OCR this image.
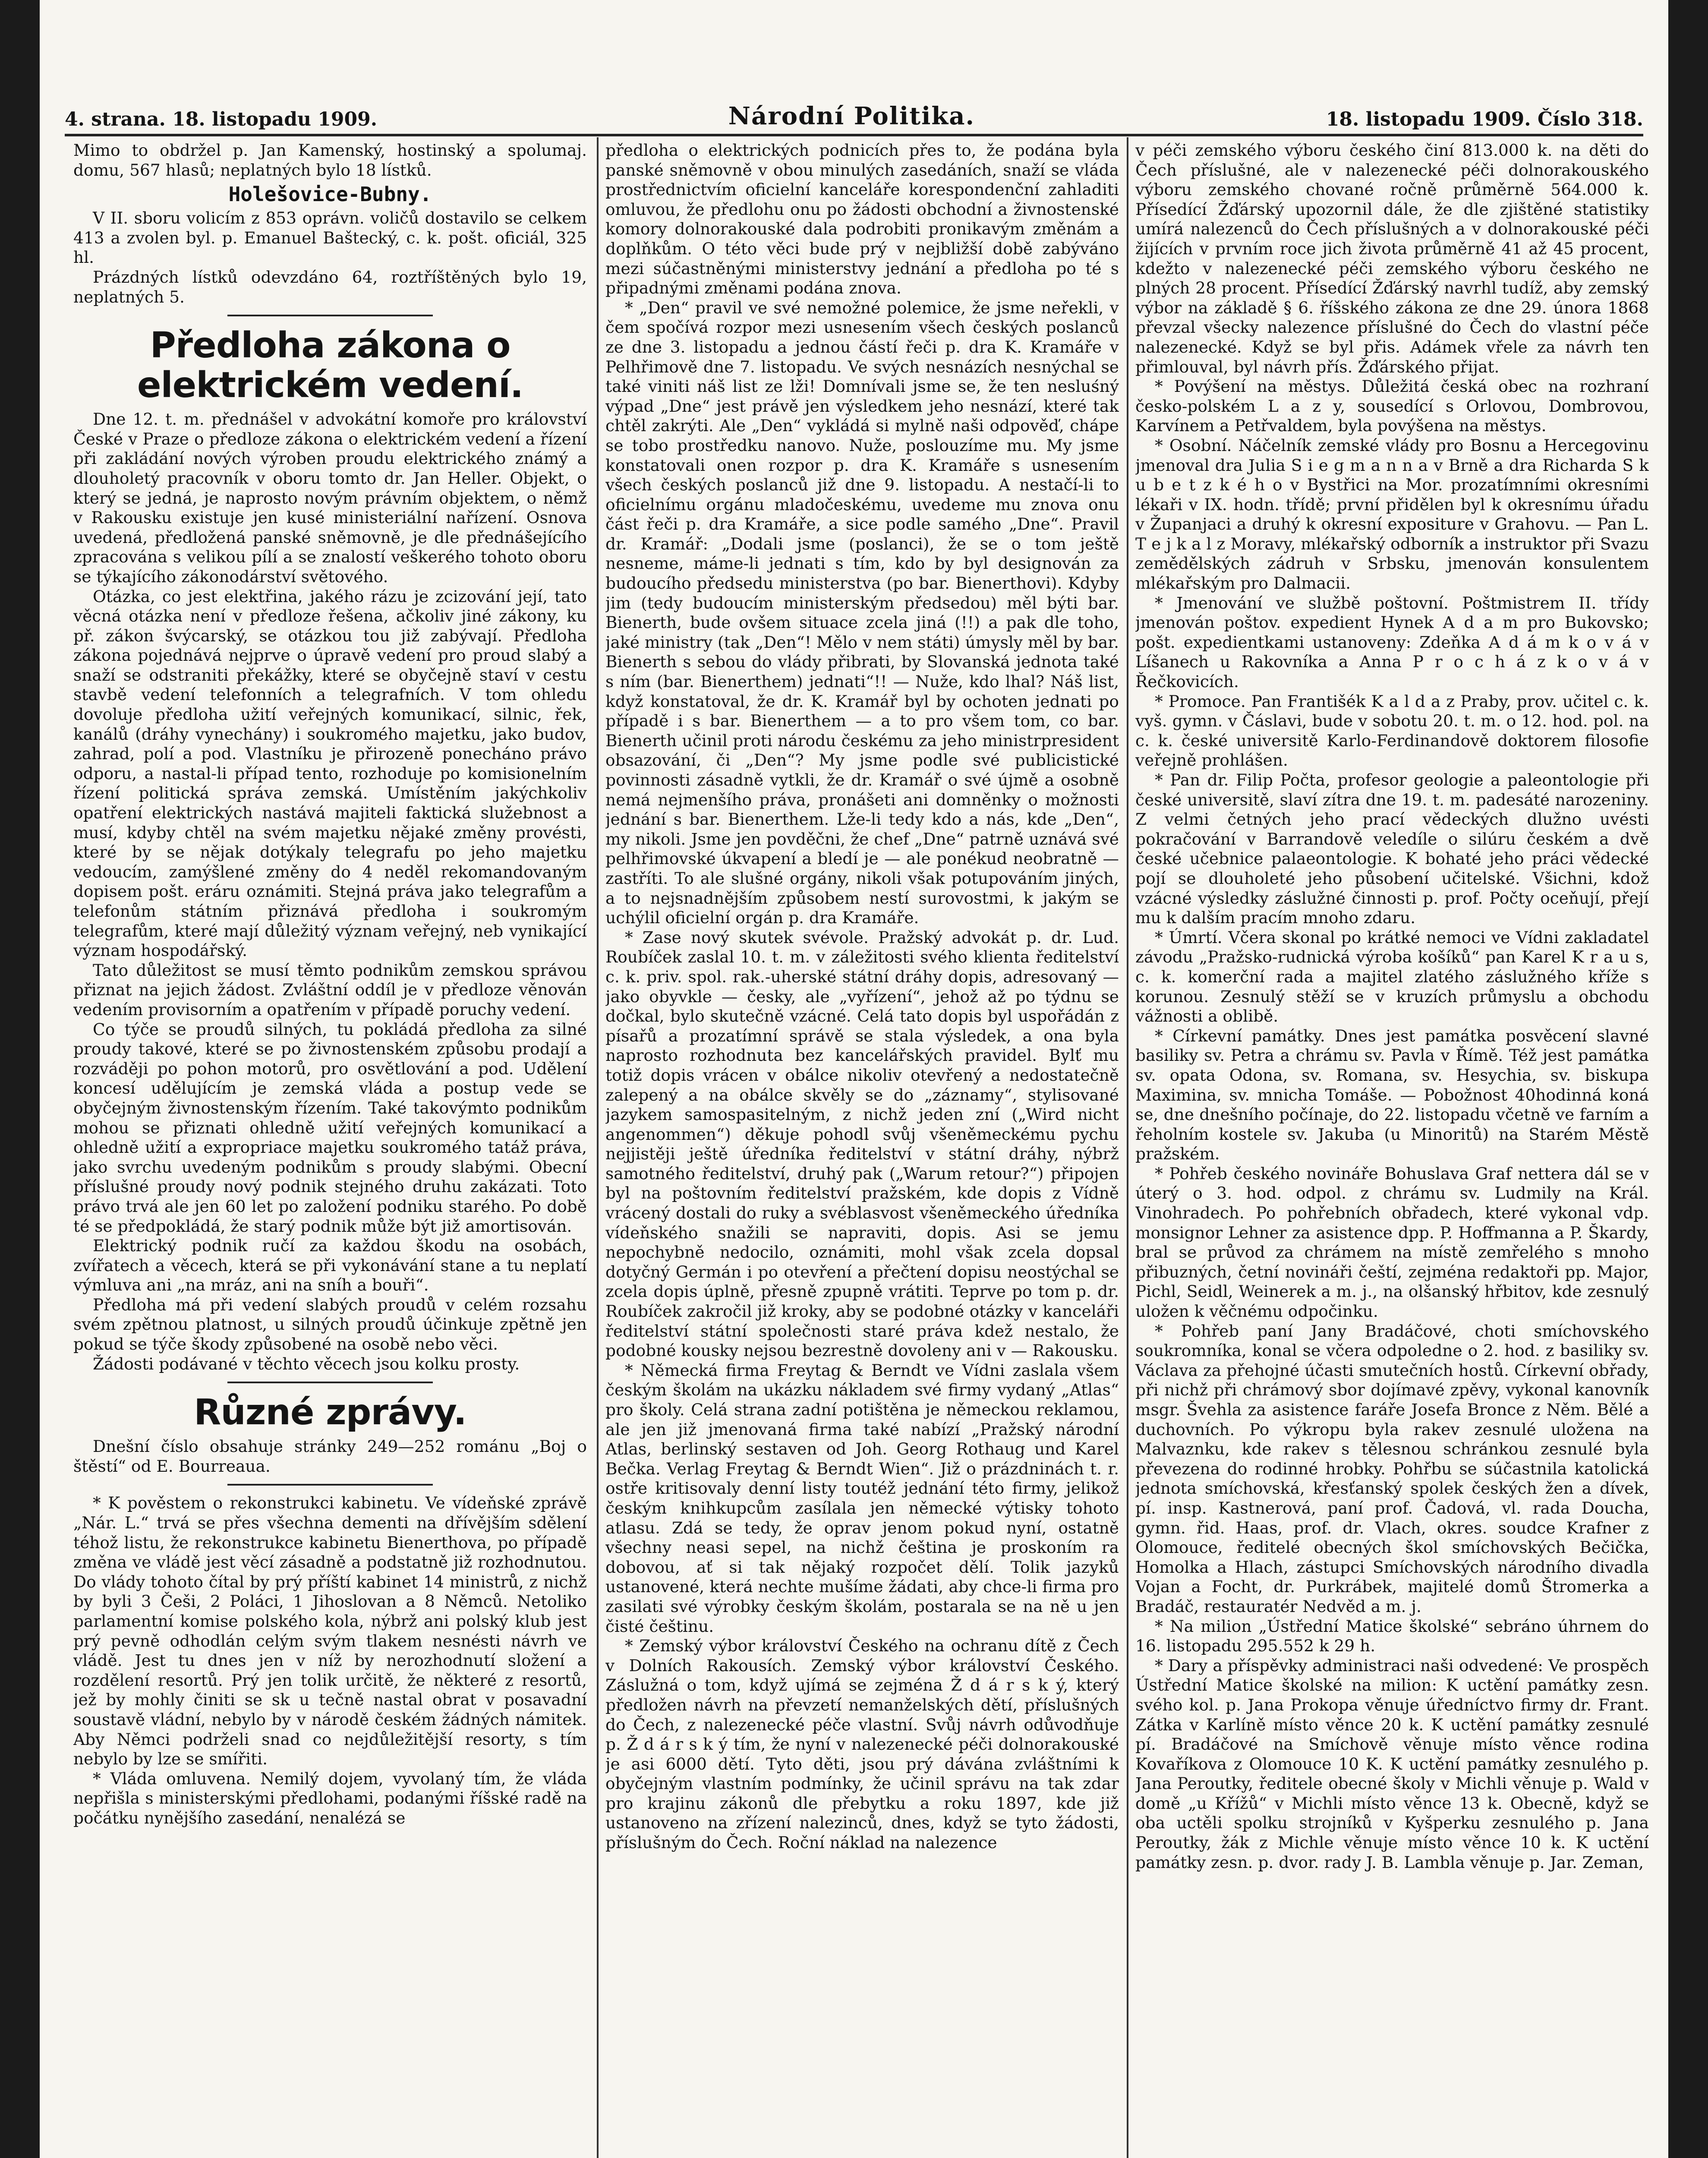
4. strana. 18. listopadu 1909.	Národní Politika.	18. listopadu 1909. Číslo 318.

Mimo to obdržel p. Jan Kamenský, hostinský a spolumaj. domu, 567 hlasů; neplatných bylo 18 lístků.

Holešovice-Bubny.

V II. sboru volicím z 853 oprávn. voličů dostavilo se celkem 413 a zvolen byl. p. Emanuel Baštecký, c. k. pošt. oficiál, 325 hl.

Prázdných lístků odevzdáno 64, roztříštěných bylo 19, neplatných 5.

Předloha zákona o elektrickém vedení.

Dne 12. t. m. přednášel v advokátní komoře pro království České v Praze o předloze zákona o elektrickém vedení a řízení při zakládání nových výroben proudu elektrického známý a dlouholetý pracovník v oboru tomto dr. Jan Heller. Objekt, o který se jedná, je naprosto novým právním objektem, o němž v Rakousku existuje jen kusé ministeriální nařízení. Osnova uvedená, předložená panské sněmovně, je dle přednášejícího zpracována s velikou pílí a se znalostí veškerého tohoto oboru se týkajícího zákonodárství světového.

Otázka, co jest elektřina, jakého rázu je zcizování její, tato věcná otázka není v předloze řešena, ačkoliv jiné zákony, ku př. zákon švýcarský, se otázkou tou již zabývají. Předloha zákona pojednává nejprve o úpravě vedení pro proud slabý a snaží se odstraniti překážky, které se obyčejně staví v cestu stavbě vedení telefonních a telegrafních. V tom ohledu dovoluje předloha užití veřejných komunikací, silnic, řek, kanálů (dráhy vynechány) i soukromého majetku, jako budov, zahrad, polí a pod. Vlastníku je přirozeně ponecháno právo odporu, a nastal-li případ tento, rozhoduje po komisionelním řízení politická správa zemská. Umístěním jakýchkoliv opatření elektrických nastává majiteli faktická služebnost a musí, kdyby chtěl na svém majetku nějaké změny provésti, které by se nějak dotýkaly telegrafu po jeho majetku vedoucím, zamýšlené změny do 4 neděl rekomandovaným dopisem pošt. eráru oznámiti. Stejná práva jako telegrafům a telefonům státním přiznává předloha i soukromým telegrafům, které mají důležitý význam veřejný, neb vynikající význam hospodářský.

Tato důležitost se musí těmto podnikům zemskou správou přiznat na jejich žádost. Zvláštní oddíl je v předloze věnován vedením provisorním a opatřením v případě poruchy vedení.

Co týče se proudů silných, tu pokládá předloha za silné proudy takové, které se po živnostenském způsobu prodají a rozváději po pohon motorů, pro osvětlování a pod. Udělení koncesí udělujícím je zemská vláda a postup vede se obyčejným živnostenským řízením. Také takovýmto podnikům mohou se přiznati ohledně užití veřejných komunikací a ohledně užití a expropriace majetku soukromého tatáž práva, jako svrchu uvedeným podnikům s proudy slabými. Obecní příslušné proudy nový podnik stejného druhu zakázati. Toto právo trvá ale jen 60 let po založení podniku starého. Po době té se předpokládá, že starý podnik může být již amortisován.

Elektrický podnik ručí za každou škodu na osobách, zvířatech a věcech, která se při vykonávání stane a tu neplatí výmluva ani „na mráz, ani na sníh a bouři“.

Předloha má při vedení slabých proudů v celém rozsahu svém zpětnou platnost, u silných proudů účinkuje zpětně jen pokud se týče škody způsobené na osobě nebo věci.

Žádosti podávané v těchto věcech jsou kolku prosty.

Různé zprávy.

Dnešní číslo obsahuje stránky 249—252 románu „Boj o štěstí“ od E. Bourreaua.

* K pověstem o rekonstrukci kabinetu. Ve vídeňské zprávě „Nár. L.“ trvá se přes všechna dementi na dřívějším sdělení téhož listu, že rekonstrukce kabinetu Bienerthova, po případě změna ve vládě jest věcí zásadně a podstatně již rozhodnutou. Do vlády tohoto čítal by prý příští kabinet 14 ministrů, z nichž by byli 3 Češi, 2 Poláci, 1 Jihoslovan a 8 Němců. Netoliko parlamentní komise polského kola, nýbrž ani polský klub jest prý pevně odhodlán celým svým tlakem nesnésti návrh ve vládě. Jest tu dnes jen v níž by nerozhodnutí složení a rozdělení resortů. Prý jen tolik určitě, že některé z resortů, jež by mohly činiti se sk u tečně nastal obrat v posavadní soustavě vládní, nebylo by v národě českém žádných námitek. Aby Němci podrželi snad co nejdůležitější resorty, s tím nebylo by lze se smířiti.

* Vláda omluvena. Nemilý dojem, vyvolaný tím, že vláda nepřišla s ministerskými předlohami, podanými říšské radě na počátku nynějšího zasedání, nenalézá se

předloha o elektrických podnicích přes to, že podána byla panské sněmovně v obou minulých zasedáních, snaží se vláda prostřednictvím oficielní kanceláře korespondenční zahladiti omluvou, že předlohu onu po žádosti obchodní a živnostenské komory dolnorakouské dala podrobiti pronikavým změnám a doplňkům. O této věci bude prý v nejbližší době zabýváno mezi súčastněnými ministerstvy jednání a předloha po té s připadnými změnami podána znova.

* „Den“ pravil ve své nemožné polemice, že jsme neřekli, v čem spočívá rozpor mezi usnesením všech českých poslanců ze dne 3. listopadu a jednou částí řeči p. dra K. Kramáře v Pelhřimově dne 7. listopadu. Ve svých nesnázích nesnýchal se také viniti náš list ze lži! Domnívali jsme se, že ten nesluśný výpad „Dne“ jest právě jen výsledkem jeho nesnází, které tak chtěl zakrýti. Ale „Den“ vykládá si mylně naši odpověď, chápe se tobo prostředku nanovo. Nuže, poslouzíme mu. My jsme konstatovali onen rozpor p. dra K. Kramáře s usnesením všech českých poslanců již dne 9. listopadu. A nestačí-li to oficielnímu orgánu mladočeskému, uvedeme mu znova onu část řeči p. dra Kramáře, a sice podle samého „Dne“. Pravil dr. Kramář: „Dodali jsme (poslanci), že se o tom ještě nesneme, máme-li jednati s tím, kdo by byl designován za budoucího předsedu ministerstva (po bar. Bienerthovi). Kdyby jim (tedy budoucím ministerským předsedou) měl býti bar. Bienerth, bude ovšem situace zcela jiná (!!) a pak dle toho, jaké ministry (tak „Den“! Mělo v nem státi) úmysly měl by bar. Bienerth s sebou do vlády přibrati, by Slovanská jednota také s ním (bar. Bienerthem) jednati“!! — Nuže, kdo lhal? Náš list, když konstatoval, že dr. K. Kramář byl by ochoten jednati po případě i s bar. Bienerthem — a to pro všem tom, co bar. Bienerth učinil proti národu českému za jeho ministrpresident obsazování, či „Den“? My jsme podle své publicistické povinnosti zásadně vytkli, že dr. Kramář o své újmě a osobně nemá nejmenšího práva, pronášeti ani domněnky o možnosti jednání s bar. Bienerthem. Lže-li tedy kdo a nás, kde „Den“, my nikoli. Jsme jen povděčni, že chef „Dne“ patrně uznává své pelhřimovské úkvapení a bledí je — ale ponékud neobratně — zastříti. To ale slušné orgány, nikoli však potupováním jiných, a to nejsnadnějším způsobem nestí surovostmi, k jakým se uchýlil oficielní orgán p. dra Kramáře.

* Zase nový skutek svévole. Pražský advokát p. dr. Lud. Roubíček zaslal 10. t. m. v záležitosti svého klienta ředitelství c. k. priv. spol. rak.-uherské státní dráhy dopis, adresovaný — jako obyvkle — česky, ale „vyřízení“, jehož až po týdnu se dočkal, bylo skutečně vzácné. Celá tato dopis byl uspořádán z písařů a prozatímní správě se stala výsledek, a ona byla naprosto rozhodnuta bez kancelářských pravidel. Bylť mu totiž dopis vrácen v obálce nikoliv otevřený a nedostatečně zalepený a na obálce skvěly se do „záznamy“, stylisované jazykem samospasitelným, z nichž jeden zní („Wird nicht angenommen“) děkuje pohodl svůj všeněmeckému pychu nejjistěji ještě úředníka ředitelství v státní dráhy, nýbrž samotného ředitelství, druhý pak („Warum retour?“) připojen byl na poštovním ředitelství pražském, kde dopis z Vídně vrácený dostali do ruky a svéblasvost všeněmeckého úředníka vídeňského snažili se napraviti, dopis. Asi se jemu nepochybně nedocilo, oznámiti, mohl však zcela dopsal dotyčný Germán i po otevření a přečtení dopisu neostýchal se zcela dopis úplně, přesně zpupně vrátiti. Teprve po tom p. dr. Roubíček zakročil již kroky, aby se podobné otázky v kanceláři ředitelství státní společnosti staré práva kdež nestalo, že podobné kousky nejsou bezrestně dovoleny ani v — Rakousku.

* Německá firma Freytag & Berndt ve Vídni zaslala všem českým školám na ukázku nákladem své firmy vydaný „Atlas“ pro školy. Celá strana zadní potištěna je německou reklamou, ale jen již jmenovaná firma také nabízí „Pražský národní Atlas, berlinský sestaven od Joh. Georg Rothaug und Karel Bečka. Verlag Freytag & Berndt Wien“. Již o prázdninách t. r. ostře kritisovaly denní listy toutéž jednání této firmy, jelikož českým knihkupcům zasílala jen německé výtisky tohoto atlasu. Zdá se tedy, že oprav jenom pokud nyní, ostatně všechny neasi sepel, na nichž čeština je proskoním ra dobovou, ať si tak nějaký rozpočet dělí. Tolik jazyků ustanovené, která nechte mušíme žádati, aby chce-li firma pro zasilati své výrobky českým školám, postarala se na ně u jen čisté češtinu.

* Zemský výbor království Českého na ochranu dítě z Čech v Dolních Rakousích. Zemský výbor království Českého. Záslužná o tom, když ujímá se zejména Ž d á r s k ý, který předložen návrh na převzetí nemanželských dětí, příslušných do Čech, z nalezenecké péče vlastní. Svůj návrh odůvodňuje p. Ž d á r s k ý tím, že nyní v nalezenecké péči dolnorakouské je asi 6000 dětí. Tyto děti, jsou prý dávána zvláštními k obyčejným vlastním podmínky, že učinil správu na tak zdar pro krajinu zákonů dle přebytku a roku 1897, kde již ustanoveno na zřízení nalezinců, dnes, když se tyto žádosti, příslušným do Čech. Roční náklad na nalezence

v péči zemského výboru českého činí 813.000 k. na děti do Čech příslušné, ale v nalezenecké péči dolnorakouského výboru zemského chované ročně průměrně 564.000 k. Přísedící Žďárský upozornil dále, že dle zjištěné statistiky umírá nalezenců do Čech příslušných a v dolnorakouské péči žijících v prvním roce jich života průměrně 41 až 45 procent, kdežto v nalezenecké péči zemského výboru českého ne plných 28 procent. Přísedící Žďárský navrhl tudíž, aby zemský výbor na základě § 6. říšského zákona ze dne 29. února 1868 převzal všecky nalezence příslušné do Čech do vlastní péče nalezenecké. Když se byl přis. Adámek vřele za návrh ten přimlouval, byl návrh přís. Žďárského přijat.

* Povýšení na městys. Důležitá česká obec na rozhraní česko-polském L a z y, sousedící s Orlovou, Dombrovou, Karvínem a Petřvaldem, byla povýšena na městys.

* Osobní. Náčelník zemské vlády pro Bosnu a Hercegovinu jmenoval dra Julia S i e g m a n n a v Brně a dra Richarda S k u b e t z k é h o v Bystřici na Mor. prozatímními okresními lékaři v IX. hodn. třídě; první přidělen byl k okresnímu úřadu v Županjaci a druhý k okresní expositure v Grahovu. — Pan L. T e j k a l z Moravy, mlékařský odborník a instruktor při Svazu zemědělských zádruh v Srbsku, jmenován konsulentem mlékařským pro Dalmacii.

* Jmenování ve službě poštovní. Poštmistrem II. třídy jmenován poštov. expedient Hynek A d a m pro Bukovsko; pošt. expedientkami ustanoveny: Zdeňka A d á m k o v á v Líšanech u Rakovníka a Anna P r o c h á z k o v á v Řečkovicích.

* Promoce. Pan Františék K a l d a z Praby, prov. učitel c. k. vyš. gymn. v Čáslavi, bude v sobotu 20. t. m. o 12. hod. pol. na c. k. české universitě Karlo-Ferdinandově doktorem filosofie veřejně prohlášen.

* Pan dr. Filip Počta, profesor geologie a paleontologie při české universitě, slaví zítra dne 19. t. m. padesáté narozeniny. Z velmi četných jeho prací vědeckých dlužno uvésti pokračování v Barrandově veledíle o silúru českém a dvě české učebnice palaeontologie. K bohaté jeho práci vědecké pojí se dlouholeté jeho působení učitelské. Všichni, kdož vzácné výsledky záslužné činnosti p. prof. Počty oceňují, přejí mu k dalším pracím mnoho zdaru.

* Úmrtí. Včera skonal po krátké nemoci ve Vídni zakladatel závodu „Pražsko-rudnická výroba košíků“ pan Karel K r a u s, c. k. komerční rada a majitel zlatého záslužného kříže s korunou. Zesnulý stěží se v kruzích průmyslu a obchodu vážnosti a oblibě.

* Církevní památky. Dnes jest památka posvěcení slavné basiliky sv. Petra a chrámu sv. Pavla v Římě. Též jest památka sv. opata Odona, sv. Romana, sv. Hesychia, sv. biskupa Maximina, sv. mnicha Tomáše. — Pobožnost 40hodinná koná se, dne dnešního počínaje, do 22. listopadu včetně ve farním a řeholním kostele sv. Jakuba (u Minoritů) na Starém Městě pražském.

* Pohřeb českého novináře Bohuslava Graf nettera dál se v úterý o 3. hod. odpol. z chrámu sv. Ludmily na Král. Vinohradech. Po pohřebních obřadech, které vykonal vdp. monsignor Lehner za asistence dpp. P. Hoffmanna a P. Škardy, bral se průvod za chrámem na místě zemřelého s mnoho přibuzných, četní novináři čeští, zejména redaktoři pp. Major, Pichl, Seidl, Weinerek a m. j., na olšanský hřbitov, kde zesnulý uložen k věčnému odpočinku.

* Pohřeb paní Jany Bradáčové, choti smíchovského soukromníka, konal se včera odpoledne o 2. hod. z basiliky sv. Václava za přehojné účasti smutečních hostů. Církevní obřady, při nichž při chrámový sbor dojímavé zpěvy, vykonal kanovník msgr. Švehla za asistence faráře Josefa Bronce z Něm. Bělé a duchovních. Po výkropu byla rakev zesnulé uložena na Malvaznku, kde rakev s tělesnou schránkou zesnulé byla převezena do rodinné hrobky. Pohřbu se súčastnila katolická jednota smíchovská, křesťanský spolek českých žen a dívek, pí. insp. Kastnerová, paní prof. Čadová, vl. rada Doucha, gymn. řid. Haas, prof. dr. Vlach, okres. soudce Krafner z Olomouce, ředitelé obecných škol smíchovských Bečička, Homolka a Hlach, zástupci Smíchovských národního divadla Vojan a Focht, dr. Purkrábek, majitelé domů Štromerka a Bradáč, restauratér Nedvěd a m. j.

* Na milion „Ústřední Matice školské“ sebráno úhrnem do 16. listopadu 295.552 k 29 h.

* Dary a příspěvky administraci naši odvedené: Ve prospěch Ústřední Matice školské na milion: K uctění památky zesn. svého kol. p. Jana Prokopa věnuje úředníctvo firmy dr. Frant. Zátka v Karlíně místo věnce 20 k. K uctění památky zesnulé pí. Bradáčové na Smíchově věnuje místo věnce rodina Kovaříkova z Olomouce 10 K. K uctění památky zesnulého p. Jana Peroutky, ředitele obecné školy v Michli věnuje p. Wald v domě „u Křížů“ v Michli místo věnce 13 k. Obecně, když se oba uctěli spolku strojníků v Kyšperku zesnulého p. Jana Peroutky, žák z Michle věnuje místo věnce 10 k. K uctění památky zesn. p. dvor. rady J. B. Lambla věnuje p. Jar. Zeman,
